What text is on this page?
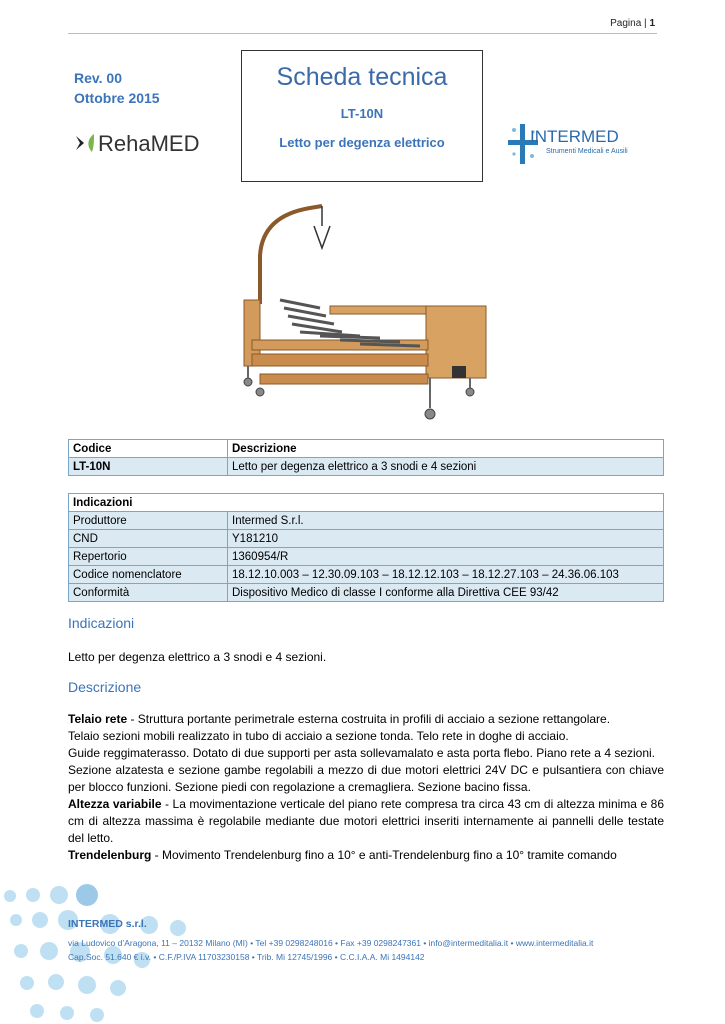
Pagina | 1
Rev. 00
Ottobre 2015
RehaMED
Scheda tecnica
LT-10N
Letto per degenza elettrico	INTERMED
Strumenti Medicali e Ausili
Codice	Descrizione
LT-10N	Letto per degenza elettrico a 3 snodi e 4 sezioni
Indicazioni	
Produttore	Intermed S.r.l.
CND	Y181210
Repertorio	1360954/R
Codice nomenclatore	18.12.10.003 – 12.30.09.103 – 18.12.12.103 – 18.12.27.103 – 24.36.06.103
Conformità	Dispositivo Medico di classe I conforme alla Direttiva CEE 93/42
Indicazioni
Letto per degenza elettrico a 3 snodi e 4 sezioni.
Descrizione

Telaio rete - Struttura portante perimetrale esterna costruita in profili di acciaio a sezione rettangolare.

Telaio sezioni mobili realizzato in tubo di acciaio a sezione tonda. Telo rete in doghe di acciaio.

Guide reggimaterasso. Dotato di due supporti per asta sollevamalato e asta porta flebo. Piano rete a 4 sezioni.

Sezione alzatesta e sezione gambe regolabili a mezzo di due motori elettrici 24V DC e pulsantiera con chiave per blocco funzioni. Sezione piedi con regolazione a cremagliera. Sezione bacino fissa.

Altezza variabile - La movimentazione verticale del piano rete compresa tra circa 43 cm di altezza minima e 86 cm di altezza massima è regolabile mediante due motori elettrici inseriti internamente ai pannelli delle testate del letto.

Trendelenburg - Movimento Trendelenburg fino a 10° e anti-Trendelenburg fino a 10° tramite comando

INTERMED s.r.l.
via Ludovico d’Aragona, 11 – 20132 Milano (MI) • Tel +39 0298248016 • Fax +39 0298247361 • info@intermeditalia.it • www.intermeditalia.it
Cap.Soc. 51.640 € i.v. • C.F./P.IVA 11703230158 • Trib. Mi 12745/1996 • C.C.I.A.A. Mi 1494142
